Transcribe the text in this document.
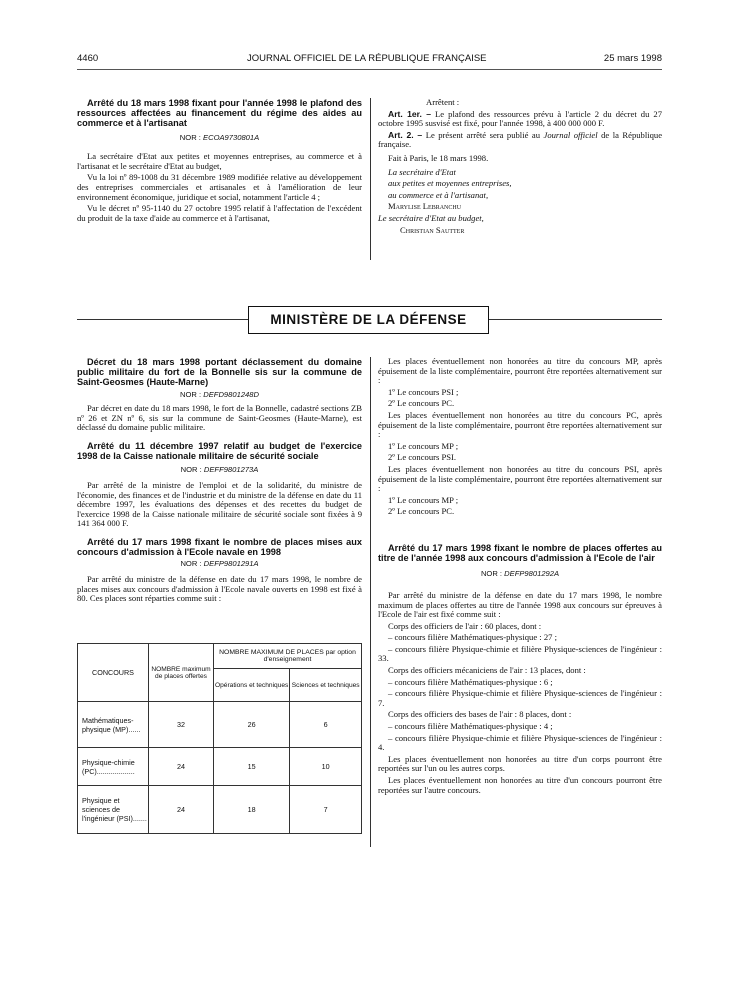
4460	JOURNAL OFFICIEL DE LA RÉPUBLIQUE FRANÇAISE	25 mars 1998

Arrêté du 18 mars 1998 fixant pour l'année 1998 le plafond des ressources affectées au financement du régime des aides au commerce et à l'artisanat

NOR : ECOA9730801A

La secrétaire d'Etat aux petites et moyennes entreprises, au commerce et à l'artisanat et le secrétaire d'Etat au budget,

Vu la loi nº 89-1008 du 31 décembre 1989 modifiée relative au développement des entreprises commerciales et artisanales et à l'amélioration de leur environnement économique, juridique et social, notamment l'article 4 ;

Vu le décret nº 95-1140 du 27 octobre 1995 relatif à l'affectation de l'excédent du produit de la taxe d'aide au commerce et à l'artisanat,

Arrêtent :

Art. 1er. – Le plafond des ressources prévu à l'article 2 du décret du 27 octobre 1995 susvisé est fixé, pour l'année 1998, à 400 000 000 F.

Art. 2. – Le présent arrêté sera publié au Journal officiel de la République française.

Fait à Paris, le 18 mars 1998.

La secrétaire d'Etat

aux petites et moyennes entreprises,

au commerce et à l'artisanat,

Marylise Lebranchu

Le secrétaire d'Etat au budget,

Christian Sautter

MINISTÈRE DE LA DÉFENSE

Décret du 18 mars 1998 portant déclassement du domaine public militaire du fort de la Bonnelle sis sur la commune de Saint-Geosmes (Haute-Marne)

NOR : DEFD9801248D

Par décret en date du 18 mars 1998, le fort de la Bonnelle, cadastré sections ZB nº 26 et ZN nº 6, sis sur la commune de Saint-Geosmes (Haute-Marne), est déclassé du domaine public militaire.

Arrêté du 11 décembre 1997 relatif au budget de l'exercice 1998 de la Caisse nationale militaire de sécurité sociale

NOR : DEFF9801273A

Par arrêté de la ministre de l'emploi et de la solidarité, du ministre de l'économie, des finances et de l'industrie et du ministre de la défense en date du 11 décembre 1997, les évaluations des dépenses et des recettes du budget de l'exercice 1998 de la Caisse nationale militaire de sécurité sociale sont fixées à 9 141 364 000 F.

Arrêté du 17 mars 1998 fixant le nombre de places mises aux concours d'admission à l'Ecole navale en 1998

NOR : DEFP9801291A

Par arrêté du ministre de la défense en date du 17 mars 1998, le nombre de places mises aux concours d'admission à l'Ecole navale ouverts en 1998 est fixé à 80. Ces places sont réparties comme suit :

CONCOURS	NOMBRE maximum de places offertes	NOMBRE MAXIMUM DE PLACES par option d'enseignement	
		Opérations et techniques	Sciences et techniques
Mathématiques-physique (MP)......	32	26	6
Physique-chimie (PC)...................	24	15	10
Physique et sciences de l'ingénieur (PSI).......	24	18	7

Les places éventuellement non honorées au titre du concours MP, après épuisement de la liste complémentaire, pourront être reportées alternativement sur :

1º Le concours PSI ;

2º Le concours PC.

Les places éventuellement non honorées au titre du concours PC, après épuisement de la liste complémentaire, pourront être reportées alternativement sur :

1º Le concours MP ;

2º Le concours PSI.

Les places éventuellement non honorées au titre du concours PSI, après épuisement de la liste complémentaire, pourront être reportées alternativement sur :

1º Le concours MP ;

2º Le concours PC.

Arrêté du 17 mars 1998 fixant le nombre de places offertes au titre de l'année 1998 aux concours d'admission à l'Ecole de l'air

NOR : DEFP9801292A

Par arrêté du ministre de la défense en date du 17 mars 1998, le nombre maximum de places offertes au titre de l'année 1998 aux concours sur épreuves à l'Ecole de l'air est fixé comme suit :

Corps des officiers de l'air : 60 places, dont :

– concours filière Mathématiques-physique : 27 ;

– concours filière Physique-chimie et filière Physique-sciences de l'ingénieur : 33.

Corps des officiers mécaniciens de l'air : 13 places, dont :

– concours filière Mathématiques-physique : 6 ;

– concours filière Physique-chimie et filière Physique-sciences de l'ingénieur : 7.

Corps des officiers des bases de l'air : 8 places, dont :

– concours filière Mathématiques-physique : 4 ;

– concours filière Physique-chimie et filière Physique-sciences de l'ingénieur : 4.

Les places éventuellement non honorées au titre d'un corps pourront être reportées sur l'un ou les autres corps.

Les places éventuellement non honorées au titre d'un concours pourront être reportées sur l'autre concours.
